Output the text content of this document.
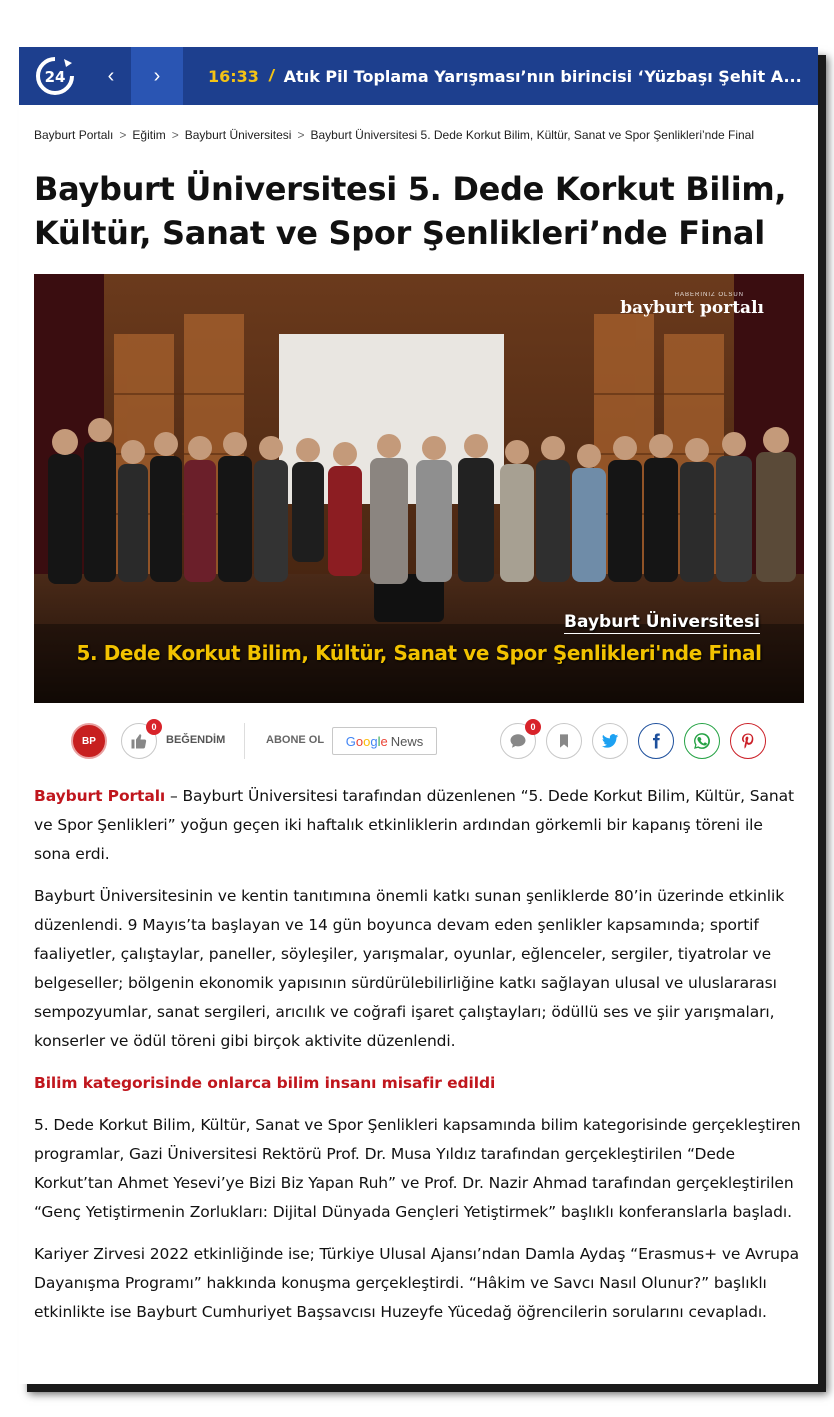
24 ‹ ›	16:33 / Atık Pil Toplama Yarışması’nın birincisi ‘Yüzbaşı Şehit A...
Bayburt Portalı > Eğitim > Bayburt Üniversitesi > Bayburt Üniversitesi 5. Dede Korkut Bilim, Kültür, Sanat ve Spor Şenlikleri’nde Final
Bayburt Üniversitesi 5. Dede Korkut Bilim, Kültür, Sanat ve Spor Şenlikleri’nde Final
HABERINIZ OLSUN
bayburt portalı
Bayburt Üniversitesi
5. Dede Korkut Bilim, Kültür, Sanat ve Spor Şenlikleri'nde Final
BP
0
BEĞENDİM	ABONE OL G o o g l e News
0

Bayburt Portalı – Bayburt Üniversitesi tarafından düzenlenen “5. Dede Korkut Bilim, Kültür, Sanat ve Spor Şenlikleri” yoğun geçen iki haftalık etkinliklerin ardından görkemli bir kapanış töreni ile sona erdi.

Bayburt Üniversitesinin ve kentin tanıtımına önemli katkı sunan şenliklerde 80’in üzerinde etkinlik düzenlendi. 9 Mayıs’ta başlayan ve 14 gün boyunca devam eden şenlikler kapsamında; sportif faaliyetler, çalıştaylar, paneller, söyleşiler, yarışmalar, oyunlar, eğlenceler, sergiler, tiyatrolar ve belgeseller; bölgenin ekonomik yapısının sürdürülebilirliğine katkı sağlayan ulusal ve uluslararası sempozyumlar, sanat sergileri, arıcılık ve coğrafi işaret çalıştayları; ödüllü ses ve şiir yarışmaları, konserler ve ödül töreni gibi birçok aktivite düzenlendi.

Bilim kategorisinde onlarca bilim insanı misafir edildi

5. Dede Korkut Bilim, Kültür, Sanat ve Spor Şenlikleri kapsamında bilim kategorisinde gerçekleştiren programlar, Gazi Üniversitesi Rektörü Prof. Dr. Musa Yıldız tarafından gerçekleştirilen “Dede Korkut’tan Ahmet Yesevi’ye Bizi Biz Yapan Ruh” ve Prof. Dr. Nazir Ahmad tarafından gerçekleştirilen “Genç Yetiştirmenin Zorlukları: Dijital Dünyada Gençleri Yetiştirmek” başlıklı konferanslarla başladı.

Kariyer Zirvesi 2022 etkinliğinde ise; Türkiye Ulusal Ajansı’ndan Damla Aydaş “Erasmus+ ve Avrupa Dayanışma Programı” hakkında konuşma gerçekleştirdi. “Hâkim ve Savcı Nasıl Olunur?” başlıklı etkinlikte ise Bayburt Cumhuriyet Başsavcısı Huzeyfe Yücedağ öğrencilerin sorularını cevapladı.
